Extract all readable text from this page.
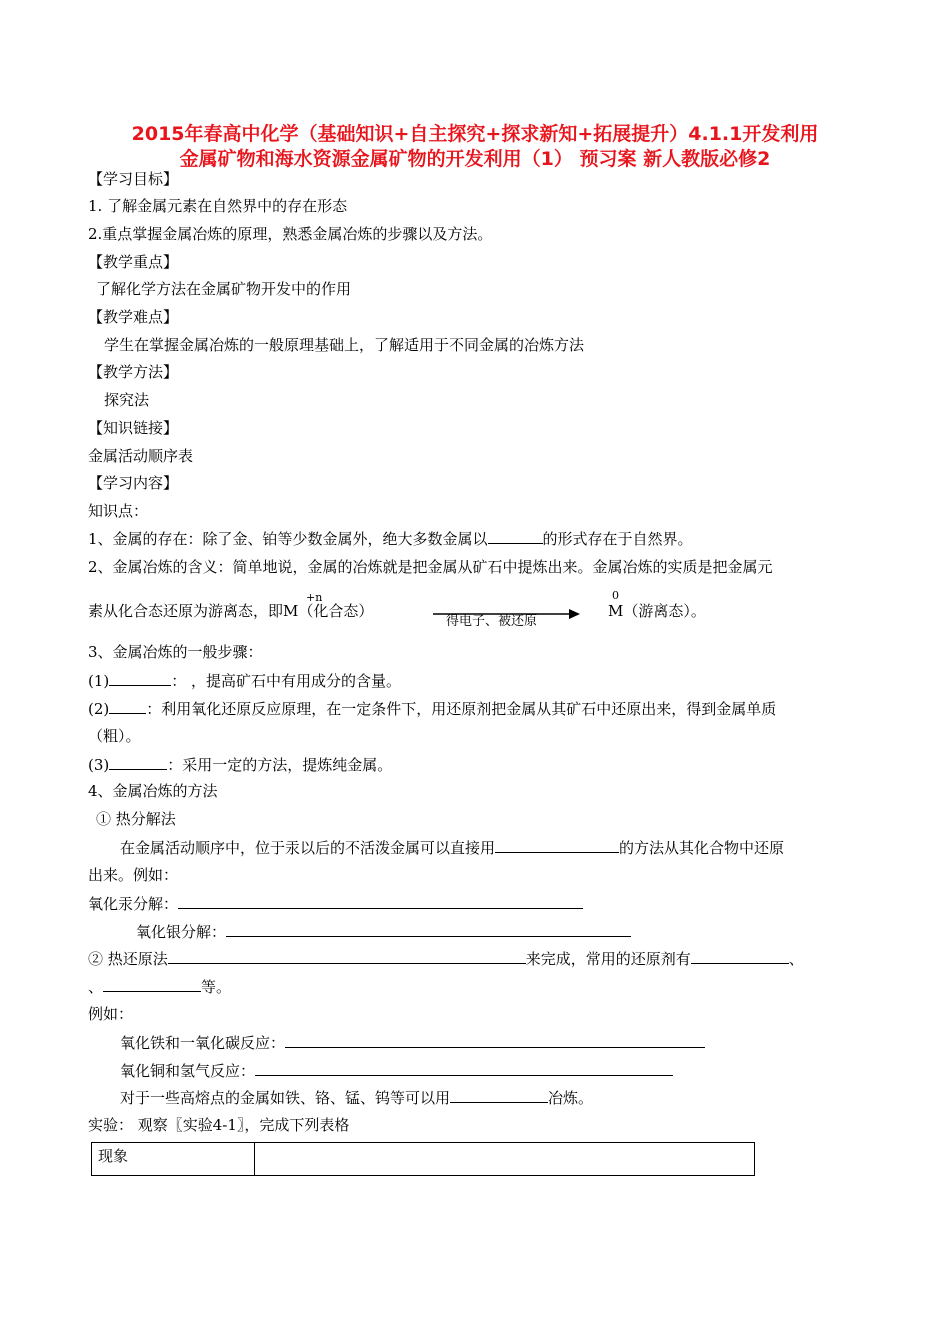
2015年春高中化学（基础知识+自主探究+探求新知+拓展提升）4.1.1开发利用
金属矿物和海水资源金属矿物的开发利用（1） 预习案 新人教版必修2
【学习目标】
1. 了解金属元素在自然界中的存在形态
2.重点掌握金属冶炼的原理，熟悉金属冶炼的步骤以及方法。
【教学重点】
了解化学方法在金属矿物开发中的作用
【教学难点】
学生在掌握金属冶炼的一般原理基础上，了解适用于不同金属的冶炼方法
【教学方法】
探究法
【知识链接】
金属活动顺序表
【学习内容】
知识点：
1、金属的存在：除了金、铂等少数金属外，绝大多数金属以	的形式存在于自然界。
2、金属冶炼的含义：简单地说，金属的冶炼就是把金属从矿石中提炼出来。金属冶炼的实质是把金属元
+n
素从化合态还原为游离态，即M（化合态）
得电子、被还原
0
M（游离态）。
3、金属冶炼的一般步骤：
(1)	： ，提高矿石中有用成分的含量。
(2) ：利用氧化还原反应原理，在一定条件下，用还原剂把金属从其矿石中还原出来，得到金属单质
（粗）。
(3)	：采用一定的方法，提炼纯金属。
4、金属冶炼的方法
① 热分解法
在金属活动顺序中，位于汞以后的不活泼金属可以直接用	的方法从其化合物中还原
出来。例如：
氧化汞分解：
氧化银分解：
② 热还原法	来完成，常用的还原剂有	、
、	等。
例如：
氧化铁和一氧化碳反应：
氧化铜和氢气反应：
对于一些高熔点的金属如铁、铬、锰、钨等可以用	冶炼。
实验： 观察〖实验4-1〗，完成下列表格
现象	
